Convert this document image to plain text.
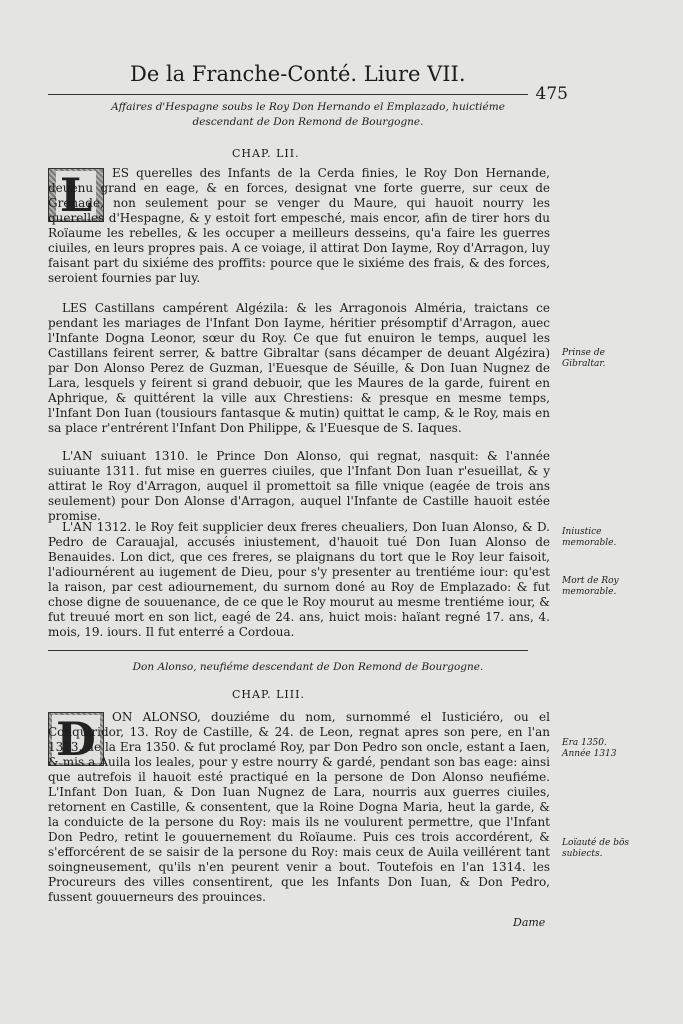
De la Franche-Conté. Liure VII.
475
Affaires d'Hespagne soubs le Roy Don Hernando el Emplazado, huictiéme descendant de Don Remond de Bourgogne.
CHAP. LII.
L	ES querelles des Infants de la Cerda finies, le Roy Don Hernande, deuenu grand en eage, & en forces, designat vne forte guerre, sur ceux de Grenade, non seulement pour se venger du Maure, qui hauoit nourry les querelles d'Hespagne, & y estoit fort empesché, mais encor, afin de tirer hors du Roïaume les rebelles, & les occuper a meilleurs desseins, qu'a faire les guerres ciuiles, en leurs propres pais. A ce voiage, il attirat Don Iayme, Roy d'Arragon, luy faisant part du sixiéme des proffits: pource que le sixiéme des frais, & des forces, seroient fournies par luy.

LES Castillans campérent Algézila: & les Arragonois Alméria, traictans ce pendant les mariages de l'Infant Don Iayme, héritier présomptif d'Arragon, auec l'Infante Dogna Leonor, sœur du Roy. Ce que fut enuiron le temps, auquel les Castillans feirent serrer, & battre Gibraltar (sans décamper de deuant Algézira) par Don Alonso Perez de Guzman, l'Euesque de Séuille, & Don Iuan Nugnez de Lara, lesquels y feirent si grand debuoir, que les Maures de la garde, fuirent en Aphrique, & quittérent la ville aux Chrestiens: & presque en mesme temps, l'Infant Don Iuan (tousiours fantasque & mutin) quittat le camp, & le Roy, mais en sa place r'entrérent l'Infant Don Philippe, & l'Euesque de S. Iaques.

L'AN suiuant 1310. le Prince Don Alonso, qui regnat, nasquit: & l'année suiuante 1311. fut mise en guerres ciuiles, que l'Infant Don Iuan r'esueillat, & y attirat le Roy d'Arragon, auquel il promettoit sa fille vnique (eagée de trois ans seulement) pour Don Alonse d'Arragon, auquel l'Infante de Castille hauoit estée promise.

L'AN 1312. le Roy feit supplicier deux freres cheualiers, Don Iuan Alonso, & D. Pedro de Carauajal, accusés iniustement, d'hauoit tué Don Iuan Alonso de Benauides. Lon dict, que ces freres, se plaignans du tort que le Roy leur faisoit, l'adiournérent au iugement de Dieu, pour s'y presenter au trentiéme iour: qu'est la raison, par cest adiournement, du surnom doné au Roy de Emplazado: & fut chose digne de souuenance, de ce que le Roy mourut au mesme trentiéme iour, & fut treuué mort en son lict, eagé de 24. ans, huict mois: haïant regné 17. ans, 4. mois, 19. iours. Il fut enterré a Cordoua.

Prinse de Gibraltar.
Iniustice memorable.
Mort de Roy memorable.
Don Alonso, neufiéme descendant de Don Remond de Bourgogne.
CHAP. LIII.
D	ON ALONSO, douziéme du nom, surnommé el Iusticiéro, ou el Conquiridor, 13. Roy de Castille, & 24. de Leon, regnat apres son pere, en l'an 1313. de la Era 1350. & fut proclamé Roy, par Don Pedro son oncle, estant a Iaen, & mis a Auila los leales, pour y estre nourry & gardé, pendant son bas eage: ainsi que autrefois il hauoit esté practiqué en la persone de Don Alonso neufiéme. L'Infant Don Iuan, & Don Iuan Nugnez de Lara, nourris aux guerres ciuiles, retornent en Castille, & consentent, que la Roine Dogna Maria, heut la garde, & la conduicte de la persone du Roy: mais ils ne voulurent permettre, que l'Infant Don Pedro, retint le gouuernement du Roïaume. Puis ces trois accordérent, & s'efforcérent de se saisir de la persone du Roy: mais ceux de Auila veillérent tant soingneusement, qu'ils n'en peurent venir a bout. Toutefois en l'an 1314. les Procureurs des villes consentirent, que les Infants Don Iuan, & Don Pedro, fussent gouuerneurs des prouinces.

Era 1350. Année 1313
Loïauté de bōs subiects.
Dame
